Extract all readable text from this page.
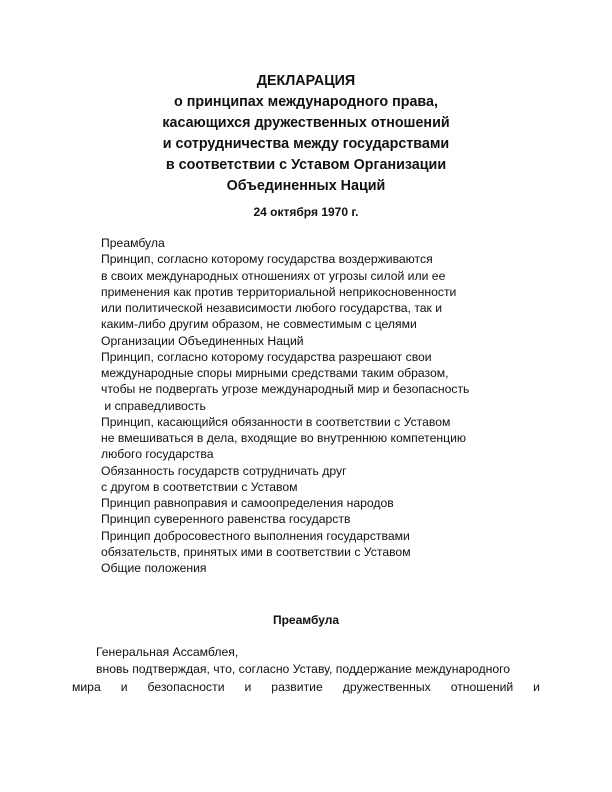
ДЕКЛАРАЦИЯ
о принципах международного права,
касающихся дружественных отношений
и сотрудничества между государствами
в соответствии с Уставом Организации
Объединенных Наций
24 октября 1970 г.
Преамбула
Принцип, согласно которому государства воздерживаются
в своих международных отношениях от угрозы силой или ее
применения как против территориальной неприкосновенности
или политической независимости любого государства, так и
каким-либо другим образом, не совместимым с целями
Организации Объединенных Наций
Принцип, согласно которому государства разрешают свои
международные споры мирными средствами таким образом,
чтобы не подвергать угрозе международный мир и безопасность
и справедливость
Принцип, касающийся обязанности в соответствии с Уставом
не вмешиваться в дела, входящие во внутреннюю компетенцию
любого государства
Обязанность государств сотрудничать друг
с другом в соответствии с Уставом
Принцип равноправия и самоопределения народов
Принцип суверенного равенства государств
Принцип добросовестного выполнения государствами
обязательств, принятых ими в соответствии с Уставом
Общие положения
Преамбула
Генеральная Ассамблея,
вновь подтверждая, что, согласно Уставу, поддержание международного
мира и безопасности и развитие дружественных отношений и
